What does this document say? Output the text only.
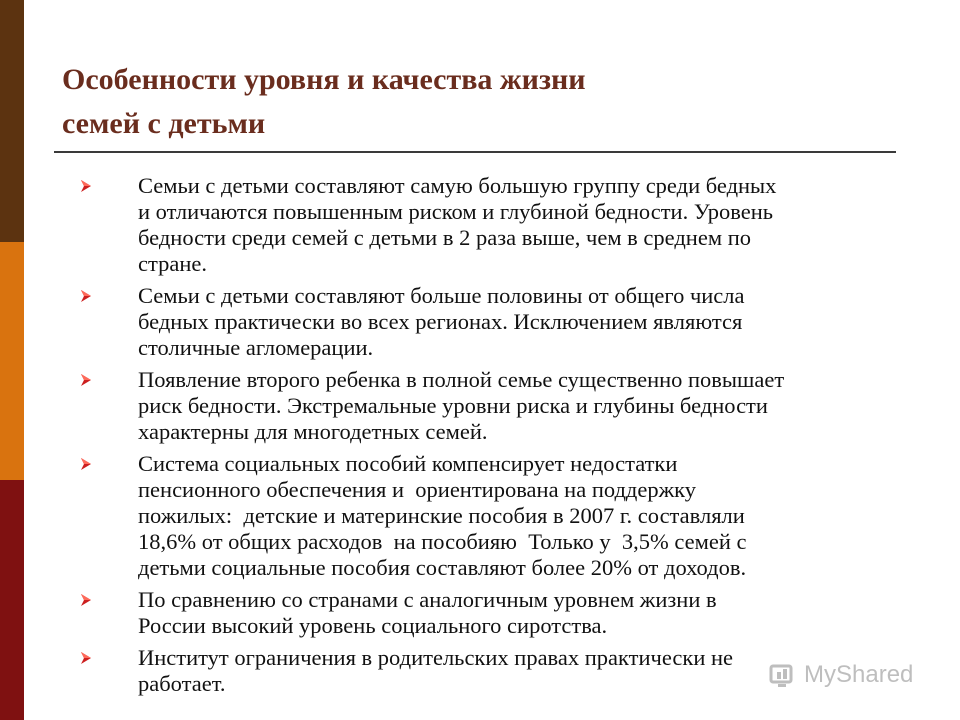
Особенности уровня и качества жизни
семей с детьми
Семьи с детьми составляют самую большую группу среди бедных
и отличаются повышенным риском и глубиной бедности. Уровень
бедности среди семей с детьми в 2 раза выше, чем в среднем по
стране.
Семьи с детьми составляют больше половины от общего числа
бедных практически во всех регионах. Исключением являются
столичные агломерации.
Появление второго ребенка в полной семье существенно повышает
риск бедности. Экстремальные уровни риска и глубины бедности
характерны для многодетных семей.
Система социальных пособий компенсирует недостатки
пенсионного обеспечения и  ориентирована на поддержку
пожилых:  детские и материнские пособия в 2007 г. составляли
18,6% от общих расходов  на пособияю  Только у  3,5% семей с
детьми социальные пособия составляют более 20% от доходов.
По сравнению со странами с аналогичным уровнем жизни в
России высокий уровень социального сиротства.
Институт ограничения в родительских правах практически не
работает.	MyShared
